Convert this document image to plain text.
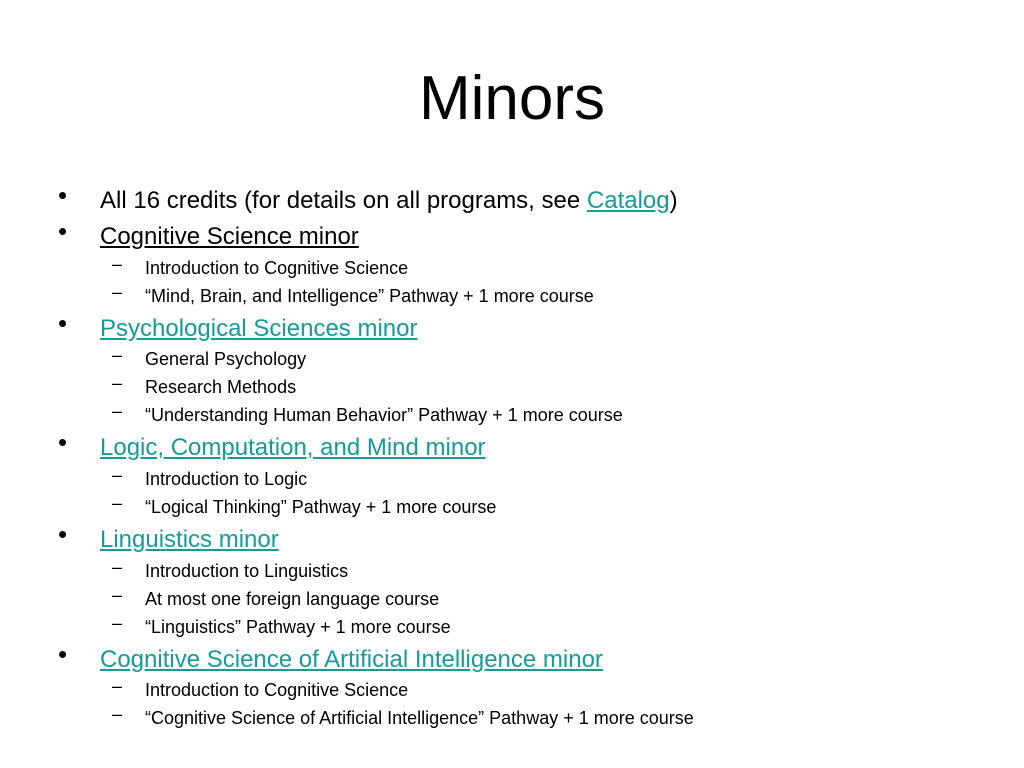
Minors
• All 16 credits (for details on all programs, see Catalog)
• Cognitive Science minor
– Introduction to Cognitive Science
– “Mind, Brain, and Intelligence” Pathway + 1 more course
• Psychological Sciences minor
– General Psychology
– Research Methods
– “Understanding Human Behavior” Pathway + 1 more course
• Logic, Computation, and Mind minor
– Introduction to Logic
– “Logical Thinking” Pathway + 1 more course
• Linguistics minor
– Introduction to Linguistics
– At most one foreign language course
– “Linguistics” Pathway + 1 more course
• Cognitive Science of Artificial Intelligence minor
– Introduction to Cognitive Science
– “Cognitive Science of Artificial Intelligence” Pathway + 1 more course
